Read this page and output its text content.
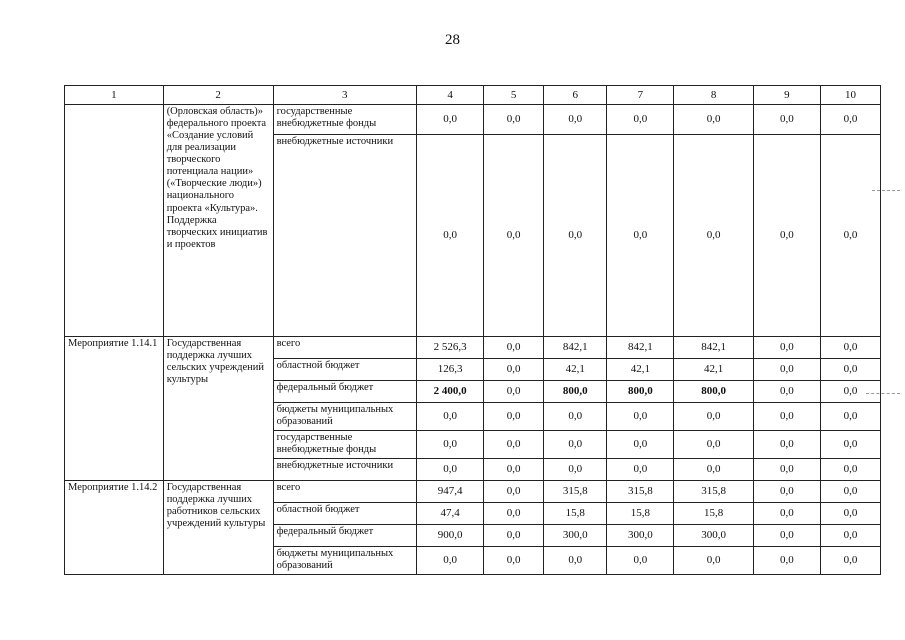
28
1	2	3	4	5	6	7	8	9	10
	(Орловская область)» федерального проекта «Создание условий для реализации творческого потенциала нации» («Творческие люди») национального проекта «Культура». Поддержка творческих инициатив и проектов	государственные внебюджетные фонды	0,0	0,0	0,0	0,0	0,0	0,0	0,0
		внебюджетные источники	0,0	0,0	0,0	0,0	0,0	0,0	0,0
Мероприятие 1.14.1	Государственная поддержка лучших сельских учреждений культуры	всего	2 526,3	0,0	842,1	842,1	842,1	0,0	0,0
		областной бюджет	126,3	0,0	42,1	42,1	42,1	0,0	0,0
		федеральный бюджет	2 400,0	0,0	800,0	800,0	800,0	0,0	0,0
		бюджеты муниципальных образований	0,0	0,0	0,0	0,0	0,0	0,0	0,0
		государственные внебюджетные фонды	0,0	0,0	0,0	0,0	0,0	0,0	0,0
		внебюджетные источники	0,0	0,0	0,0	0,0	0,0	0,0	0,0
Мероприятие 1.14.2	Государственная поддержка лучших работников сельских учреждений культуры	всего	947,4	0,0	315,8	315,8	315,8	0,0	0,0
		областной бюджет	47,4	0,0	15,8	15,8	15,8	0,0	0,0
		федеральный бюджет	900,0	0,0	300,0	300,0	300,0	0,0	0,0
		бюджеты муниципальных образований	0,0	0,0	0,0	0,0	0,0	0,0	0,0
